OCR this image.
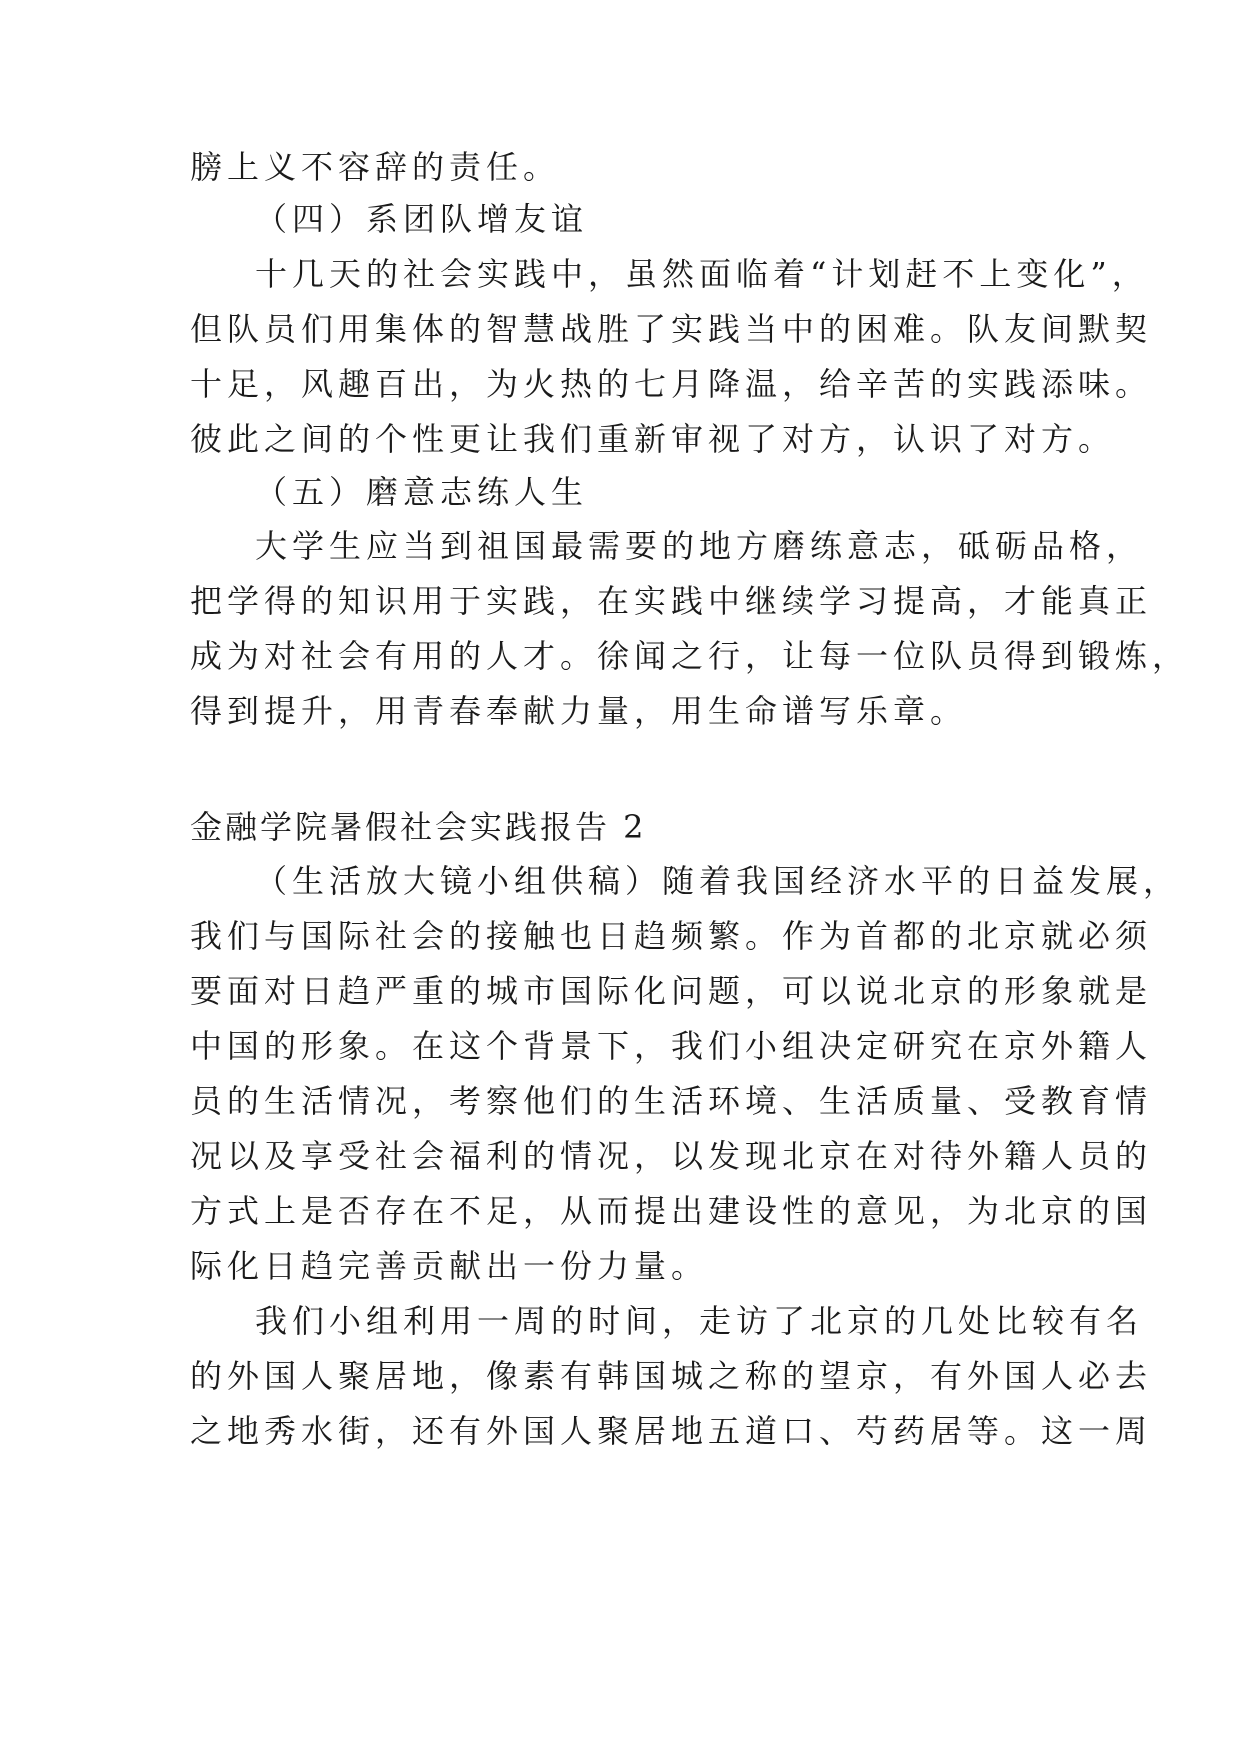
膀上义不容辞的责任。
（四）系团队增友谊
十几天的社会实践中，虽然面临着“计划赶不上变化”，
但队员们用集体的智慧战胜了实践当中的困难。队友间默契
十足，风趣百出，为火热的七月降温，给辛苦的实践添味。
彼此之间的个性更让我们重新审视了对方，认识了对方。
（五）磨意志练人生
大学生应当到祖国最需要的地方磨练意志，砥砺品格，
把学得的知识用于实践，在实践中继续学习提高，才能真正
成为对社会有用的人才。徐闻之行，让每一位队员得到锻炼，
得到提升，用青春奉献力量，用生命谱写乐章。
金融学院暑假社会实践报告 2
（生活放大镜小组供稿）随着我国经济水平的日益发展，
我们与国际社会的接触也日趋频繁。作为首都的北京就必须
要面对日趋严重的城市国际化问题，可以说北京的形象就是
中国的形象。在这个背景下，我们小组决定研究在京外籍人
员的生活情况，考察他们的生活环境、生活质量、受教育情
况以及享受社会福利的情况，以发现北京在对待外籍人员的
方式上是否存在不足，从而提出建设性的意见，为北京的国
际化日趋完善贡献出一份力量。
我们小组利用一周的时间，走访了北京的几处比较有名
的外国人聚居地，像素有韩国城之称的望京，有外国人必去
之地秀水街，还有外国人聚居地五道口、芍药居等。这一周
